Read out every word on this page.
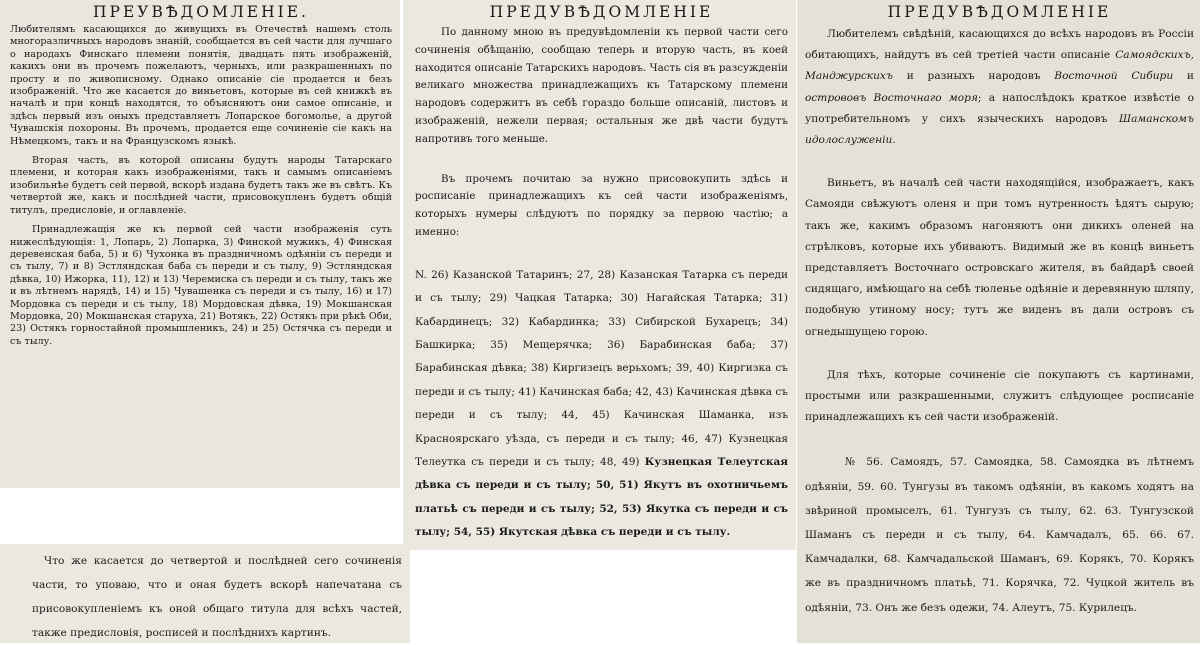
ПРЕУВѢДОМЛЕНІЕ.

Любителямъ касающихся до живущихъ въ Отечествѣ нашемъ столь многоразличныхъ народовъ знаній, сообщается въ сей части для лучшаго о народахъ Финскаго племени понятія, двадцать пять изображеній, какихъ они въ прочемъ пожелаютъ, черныхъ, или разкрашенныхъ по просту и по живописному. Однако описаніе сіе продается и безъ изображеній. Что же касается до виньетовъ, которые въ сей книжкѣ въ началѣ и при концѣ находятся, то объясняютъ они самое описаніе, и здѣсь первый изъ оныхъ представляетъ Лопарское богомолье, а другой Чувашскія похороны. Въ прочемъ, продается еще сочиненіе сіе какъ на Нѣмецкомъ, такъ и на Французскомъ языкѣ.

Вторая часть, въ которой описаны будутъ народы Татарскаго племени, и которая какъ изображеніями, такъ и самымъ описаніемъ изобильнѣе будетъ сей первой, вскорѣ издана будетъ такъ же въ свѣтъ. Къ четвертой же, какъ и послѣдней части, присовокупленъ будетъ общій титулъ, предисловіе, и оглавленіе.

Принадлежащія же къ первой сей части изображенія суть нижеслѣдующія: 1, Лопарь, 2) Лопарка, 3) Финской мужикъ, 4) Финская деревенская баба, 5) и 6) Чухонка въ праздничномъ одѣяніи съ переди и съ тылу, 7) и 8) Эстляндская баба съ переди и съ тылу, 9) Эстляндская дѣвка, 10) Ижорка, 11), 12) и 13) Черемиска съ переди и съ тылу, такъ же и въ лѣтнемъ нарядѣ, 14) и 15) Чувашенка съ переди и съ тылу, 16) и 17) Мордовка съ переди и съ тылу, 18) Мордовская дѣвка, 19) Мокшанская Мордовка, 20) Мокшанская старуха, 21) Вотякъ, 22) Остякъ при рѣкѣ Оби, 23) Остякъ горностайной промышленикъ, 24) и 25) Остячка съ переди и съ тылу.

Что же касается до четвертой и послѣдней сего сочиненія части, то уповаю, что и оная будетъ вскорѣ напечатана съ присовокупленіемъ къ оной общаго титула для всѣхъ частей, также предисловія, росписей и послѣднихъ картинъ.

ПРЕДУВѢДОМЛЕНІЕ

По данному мною въ предувѣдомленіи къ первой части сего сочиненія обѣщанію, сообщаю теперь и вторую часть, въ коей находится описаніе Татарскихъ народовъ. Часть сія въ разсужденіи великаго множества принадлежащихъ къ Татарскому племени народовъ содержитъ въ себѣ гораздо больше описаній, листовъ и изображеній, нежели первая; остальныя же двѣ части будутъ напротивъ того меньше.

Въ прочемъ почитаю за нужно присовокупить здѣсь и росписаніе принадлежащихъ къ сей части изображеніямъ, которыхъ нумеры слѣдуютъ по порядку за первою частію; а именно:

N. 26) Казанской Татаринъ; 27, 28) Казанская Татарка съ переди и съ тылу; 29) Чацкая Татарка; 30) Нагайская Татарка; 31) Кабардинецъ; 32) Кабардинка; 33) Сибирской Бухарецъ; 34) Башкирка; 35) Мещерячка; 36) Барабинская баба; 37) Барабинская дѣвка; 38) Киргизецъ верьхомъ; 39, 40) Киргизка съ переди и съ тылу; 41) Качинская баба; 42, 43) Качинская дѣвка съ переди и съ тылу; 44, 45) Качинская Шаманка, изъ Красноярскаго уѣзда, съ переди и съ тылу; 46, 47) Кузнецкая Телеутка съ переди и съ тылу; 48, 49) Кузнецкая Телеутская дѣвка съ переди и съ тылу; 50, 51) Якутъ въ охотничьемъ платьѣ съ переди и съ тылу; 52, 53) Якутка съ переди и съ тылу; 54, 55) Якутская дѣвка съ переди и съ тылу.

ПРЕДУВѢДОМЛЕНІЕ

Любителемъ свѣдѣній, касающихся до всѣхъ народовъ въ Россіи обитающихъ, найдутъ въ сей третіей части описаніе Самоядскихъ, Манджурскихъ и разныхъ народовъ Восточной Сибири и острововъ Восточнаго моря; а напослѣдокъ краткое извѣстіе о употребительномъ у сихъ языческихъ народовъ Шаманскомъ идолослуженіи.

Виньетъ, въ началѣ сей части находящійся, изображаетъ, какъ Самояди свѣжуютъ оленя и при томъ нутренность ѣдятъ сырую; такъ же, какимъ образомъ нагоняютъ они дикихъ оленей на стрѣлковъ, которые ихъ убиваютъ. Видимый же въ концѣ виньетъ представляетъ Восточнаго островскаго жителя, въ байдарѣ своей сидящаго, имѣющаго на себѣ тюленье одѣяніе и деревянную шляпу, подобную утиному носу; тутъ же виденъ въ дали островъ съ огнедышущею горою.

Для тѣхъ, которые сочиненіе сіе покупаютъ съ картинами, простыми или разкрашенными, служитъ слѣдующее росписаніе принадлежащихъ къ сей части изображеній.

№ 56. Самоядъ, 57. Самоядка, 58. Самоядка въ лѣтнемъ одѣяніи, 59. 60. Тунгузы въ такомъ одѣяніи, въ какомъ ходятъ на звѣриной промыселъ, 61. Тунгузъ съ тылу, 62. 63. Тунгузской Шаманъ съ переди и съ тылу, 64. Камчадалъ, 65. 66. 67. Камчадалки, 68. Камчадальской Шаманъ, 69. Корякъ, 70. Корякъ же въ праздничномъ платьѣ, 71. Корячка, 72. Чуцкой житель въ одѣяніи, 73. Онъ же безъ одежи, 74. Алеутъ, 75. Курилецъ.
